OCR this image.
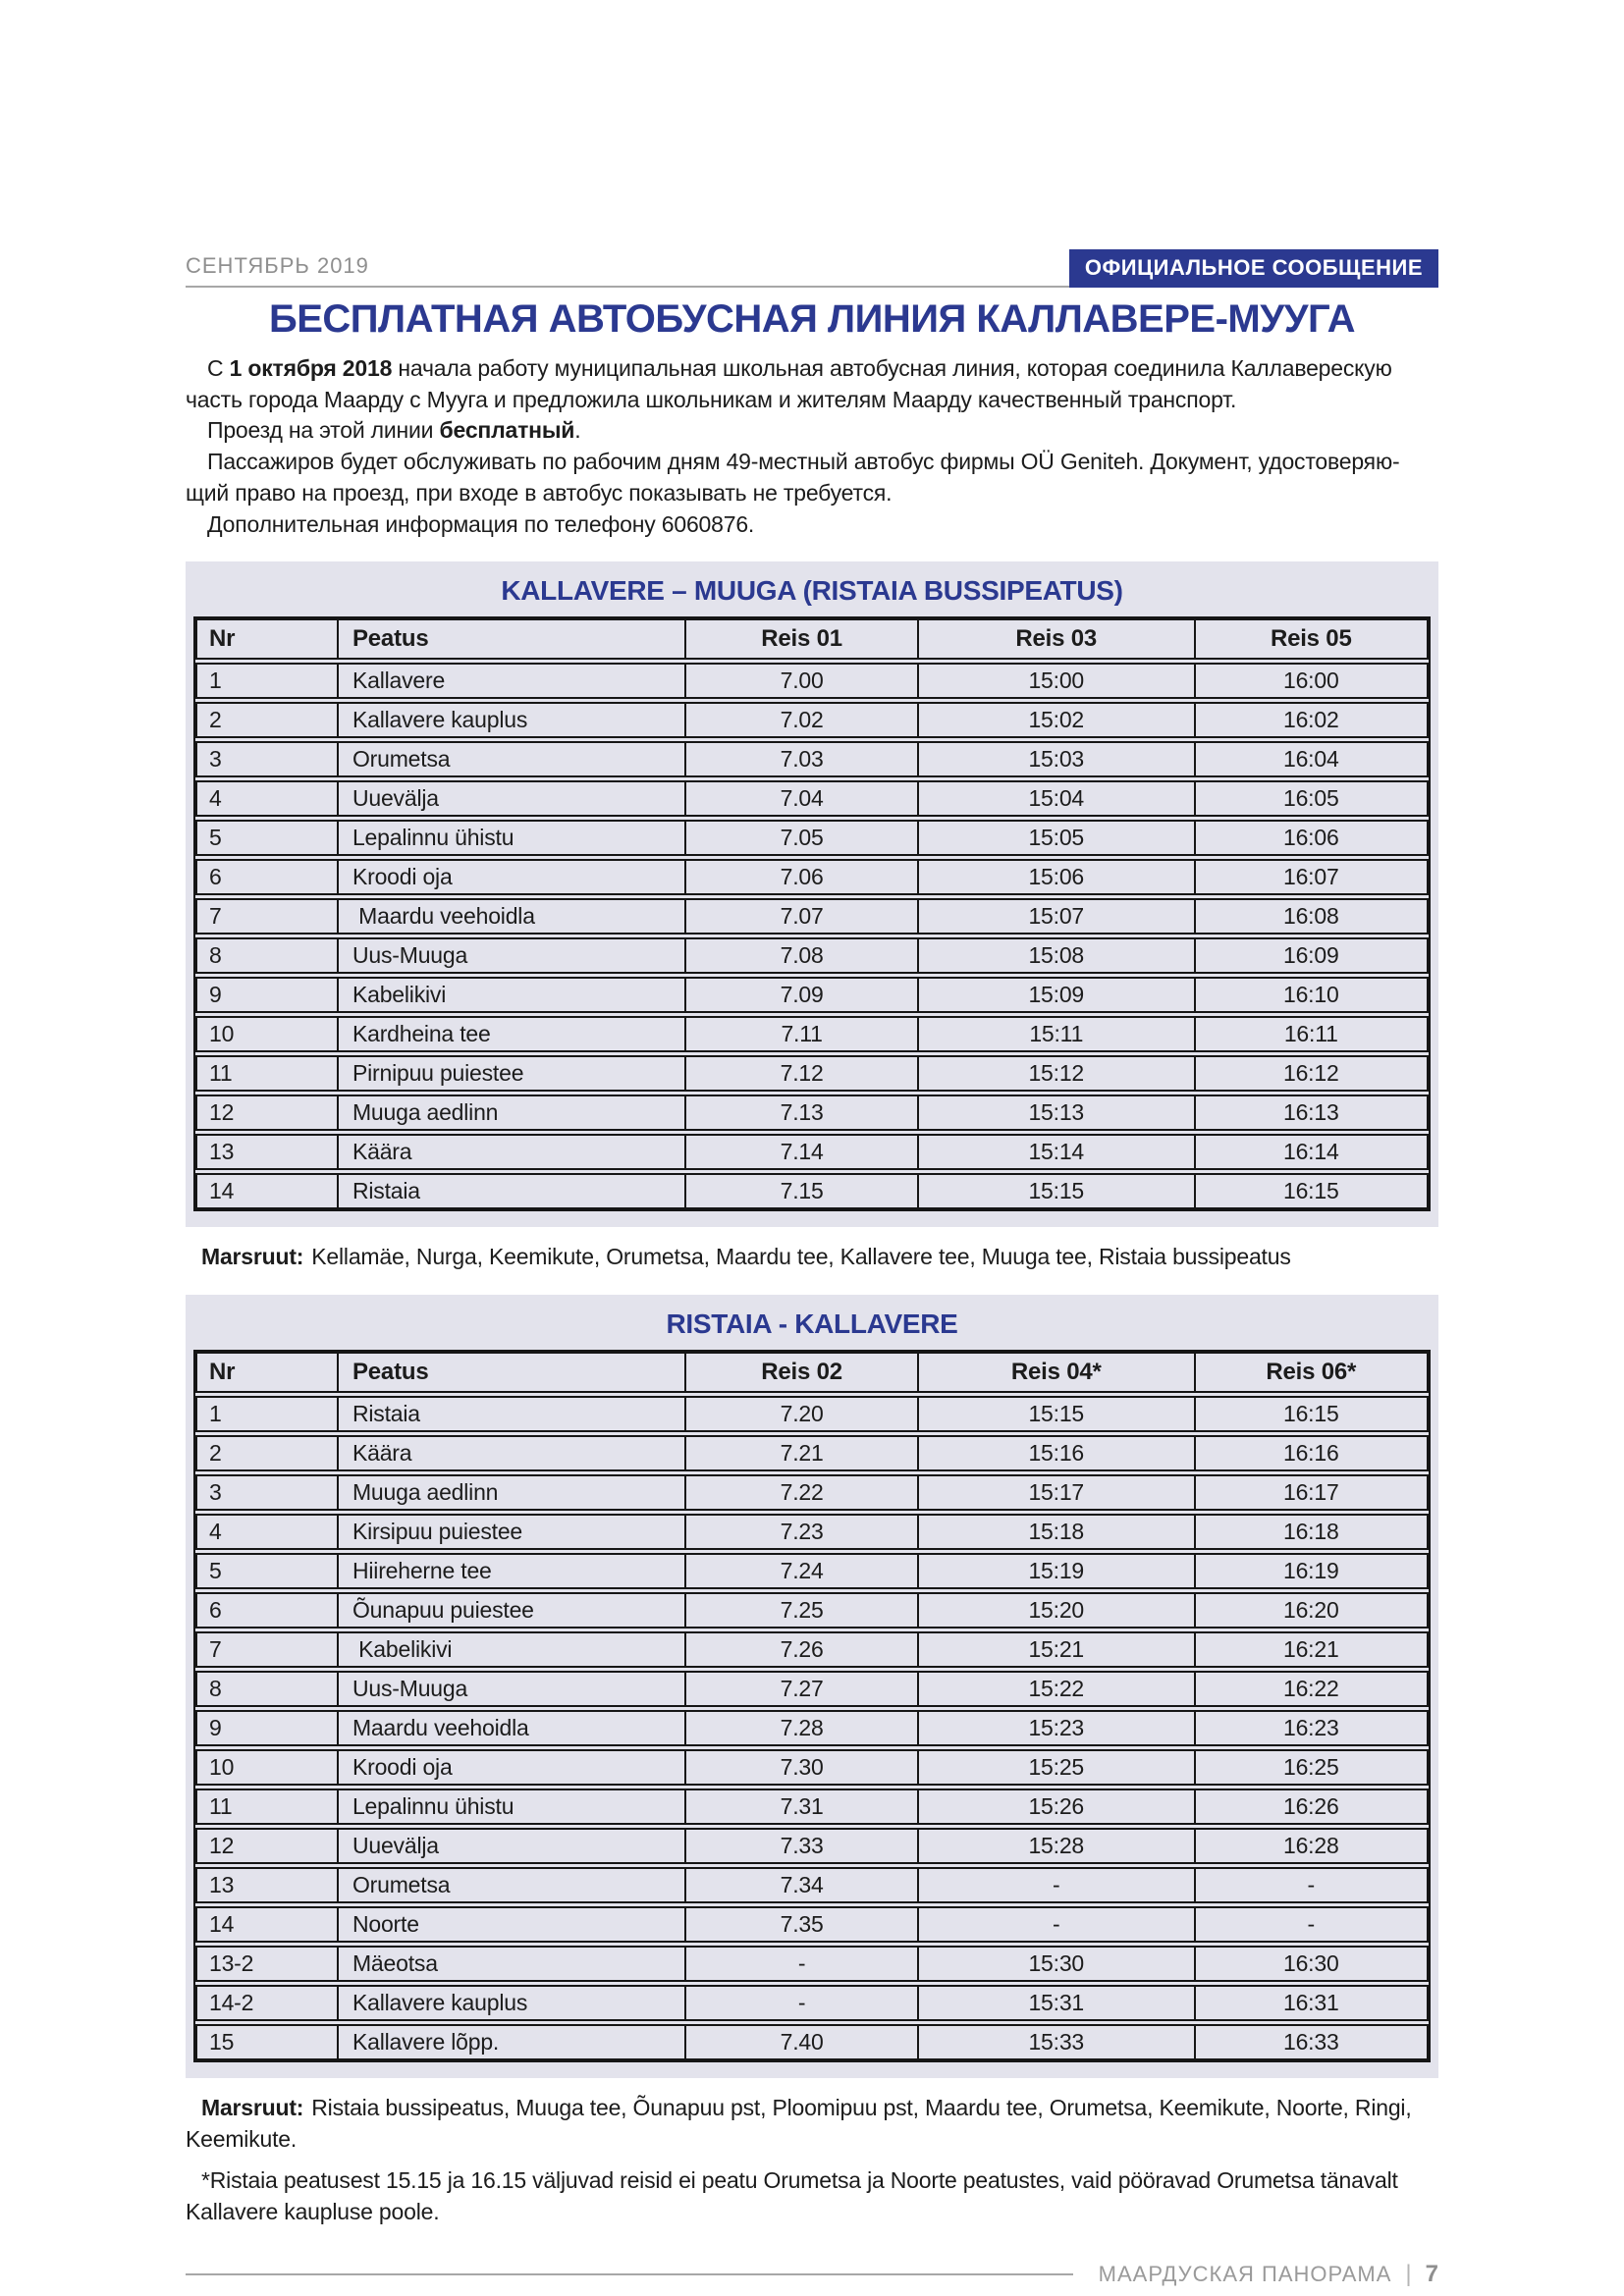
СЕНТЯБРЬ 2019	ОФИЦИАЛЬНОЕ СООБЩЕНИЕ
БЕСПЛАТНАЯ АВТОБУСНАЯ ЛИНИЯ КАЛЛАВЕРЕ-МУУГА

С 1 октября 2018 начала работу муниципальная школьная автобусная линия, которая соединила Каллаверескую часть города Маарду с Мууга и предложила школьникам и жителям Маарду качественный транспорт.

Проезд на этой линии бесплатный.

Пассажиров будет обслуживать по рабочим дням 49-местный автобус фирмы OÜ Geniteh. Документ, удостоверяю-щий право на проезд, при входе в автобус показывать не требуется.

Дополнительная информация по телефону 6060876.

KALLAVERE – MUUGA (RISTAIA BUSSIPEATUS)
Nr	Peatus	Reis 01	Reis 03	Reis 05
1	Kallavere	7.00	15:00	16:00
2	Kallavere kauplus	7.02	15:02	16:02
3	Orumetsa	7.03	15:03	16:04
4	Uuevälja	7.04	15:04	16:05
5	Lepalinnu ühistu	7.05	15:05	16:06
6	Kroodi oja	7.06	15:06	16:07
7	Maardu veehoidla	7.07	15:07	16:08
8	Uus-Muuga	7.08	15:08	16:09
9	Kabelikivi	7.09	15:09	16:10
10	Kardheina tee	7.11	15:11	16:11
11	Pirnipuu puiestee	7.12	15:12	16:12
12	Muuga aedlinn	7.13	15:13	16:13
13	Käära	7.14	15:14	16:14
14	Ristaia	7.15	15:15	16:15

Marsruut: Kellamäe, Nurga, Keemikute, Orumetsa, Maardu tee, Kallavere tee, Muuga tee, Ristaia bussipeatus

RISTAIA - KALLAVERE
Nr	Peatus	Reis 02	Reis 04*	Reis 06*
1	Ristaia	7.20	15:15	16:15
2	Käära	7.21	15:16	16:16
3	Muuga aedlinn	7.22	15:17	16:17
4	Kirsipuu puiestee	7.23	15:18	16:18
5	Hiireherne tee	7.24	15:19	16:19
6	Õunapuu puiestee	7.25	15:20	16:20
7	Kabelikivi	7.26	15:21	16:21
8	Uus-Muuga	7.27	15:22	16:22
9	Maardu veehoidla	7.28	15:23	16:23
10	Kroodi oja	7.30	15:25	16:25
11	Lepalinnu ühistu	7.31	15:26	16:26
12	Uuevälja	7.33	15:28	16:28
13	Orumetsa	7.34	-	-
14	Noorte	7.35	-	-
13-2	Mäeotsa	-	15:30	16:30
14-2	Kallavere kauplus	-	15:31	16:31
15	Kallavere lõpp.	7.40	15:33	16:33

Marsruut: Ristaia bussipeatus, Muuga tee, Õunapuu pst, Ploomipuu pst, Maardu tee, Orumetsa, Keemikute, Noorte, Ringi, Keemikute.

*Ristaia peatusest 15.15 ja 16.15 väljuvad reisid ei peatu Orumetsa ja Noorte peatustes, vaid pööravad Orumetsa tänavalt Kallavere kaupluse poole.

МААРДУСКАЯ ПАНОРАМА | 7
